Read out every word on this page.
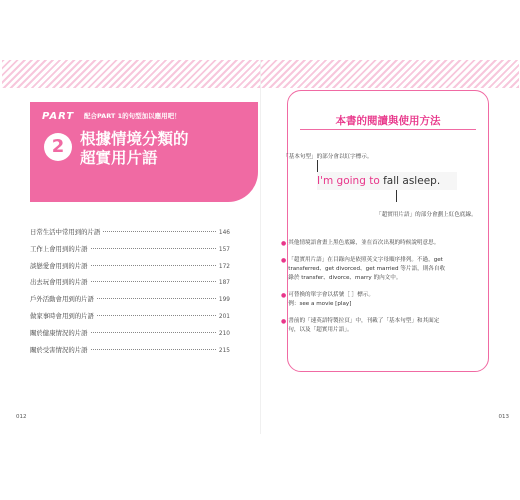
PART 配合PART 1的句型加以應用吧！
2	根據情境分類的
超實用片語
日常生活中常用到的片語	146
工作上會用到的片語	157
談戀愛會用到的片語	172
出去玩會用到的片語	187
戶外活動會用到的片語	199
做家事時會用到的片語	201
關於健康情況的片語	210
關於受害情況的片語	215
012
本書的閱讀與使用方法
「基本句型」的部分會以紅字標示。
I'm going to fall asleep.
「超實用片語」的部分會劃上紅色底線。
● 其他情境語會畫上黑色底線，並在首次出現的時候說明意思。
● 「超實用片語」在目錄內是依照英文字母順序排列。不過，get
transferred、get divorced、get married 等片語，則各自收
錄於 transfer、divorce、marry 的內文中。
● 可替換的單字會以括號［ ］標示。
例：see a movie [play]
● 書前的「速英語特製拉頁」中，刊載了「基本句型」和其面定
句，以及「超實用片語」。
013
